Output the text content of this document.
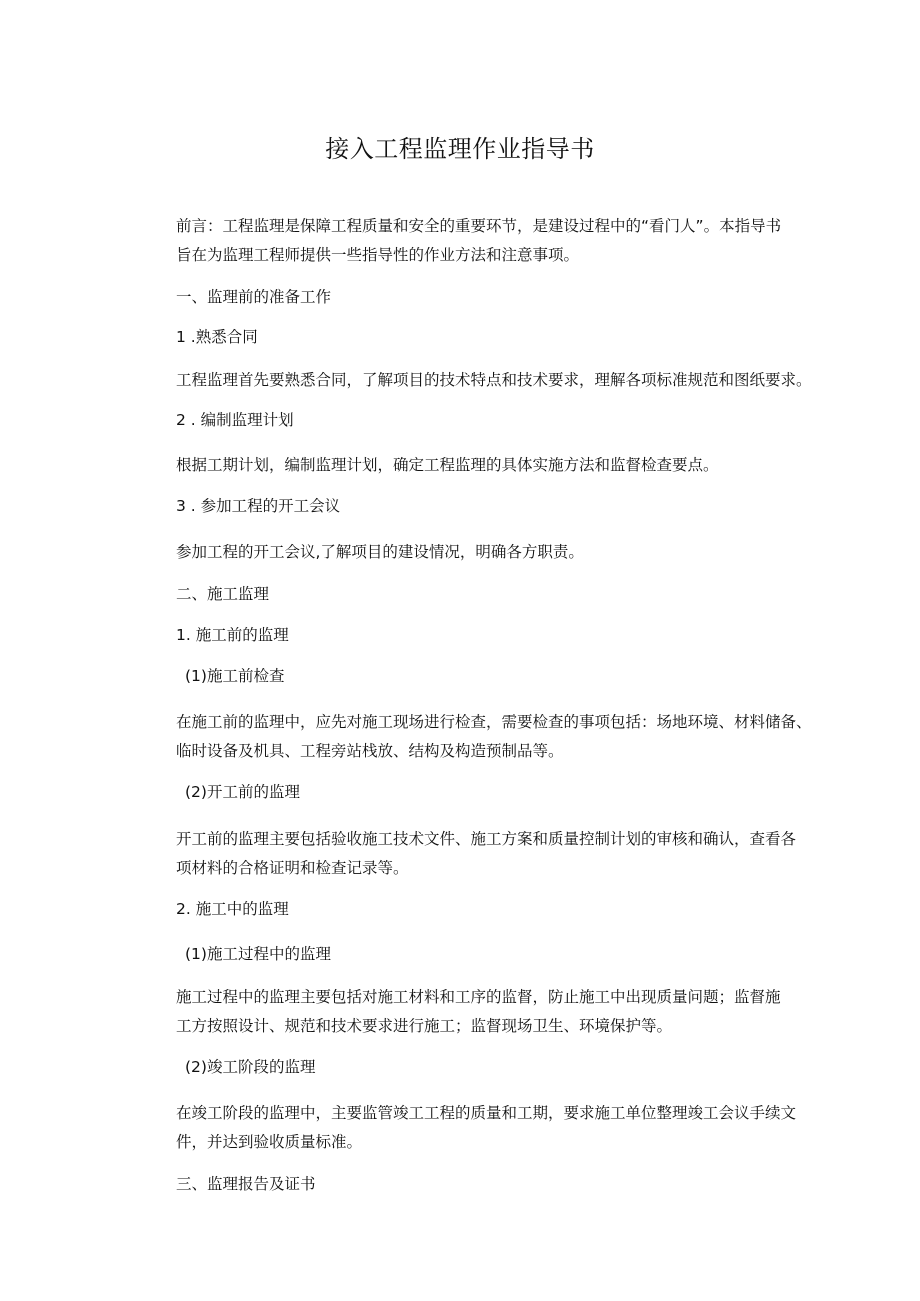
接入工程监理作业指导书
前言：工程监理是保障工程质量和安全的重要环节，是建设过程中的“看门人”。本指导书
旨在为监理工程师提供一些指导性的作业方法和注意事项。
一、监理前的准备工作
1 .熟悉合同
工程监理首先要熟悉合同，了解项目的技术特点和技术要求，理解各项标准规范和图纸要求。
2 . 编制监理计划
根据工期计划，编制监理计划，确定工程监理的具体实施方法和监督检查要点。
3 . 参加工程的开工会议
参加工程的开工会议,了解项目的建设情况，明确各方职责。
二、施工监理
1. 施工前的监理
(1)施工前检查
在施工前的监理中，应先对施工现场进行检查，需要检查的事项包括：场地环境、材料储备、
临时设备及机具、工程旁站栈放、结构及构造预制品等。
(2)开工前的监理
开工前的监理主要包括验收施工技术文件、施工方案和质量控制计划的审核和确认，查看各
项材料的合格证明和检查记录等。
2. 施工中的监理
(1)施工过程中的监理
施工过程中的监理主要包括对施工材料和工序的监督，防止施工中出现质量问题；监督施
工方按照设计、规范和技术要求进行施工；监督现场卫生、环境保护等。
(2)竣工阶段的监理
在竣工阶段的监理中，主要监管竣工工程的质量和工期，要求施工单位整理竣工会议手续文
件，并达到验收质量标准。
三、监理报告及证书
